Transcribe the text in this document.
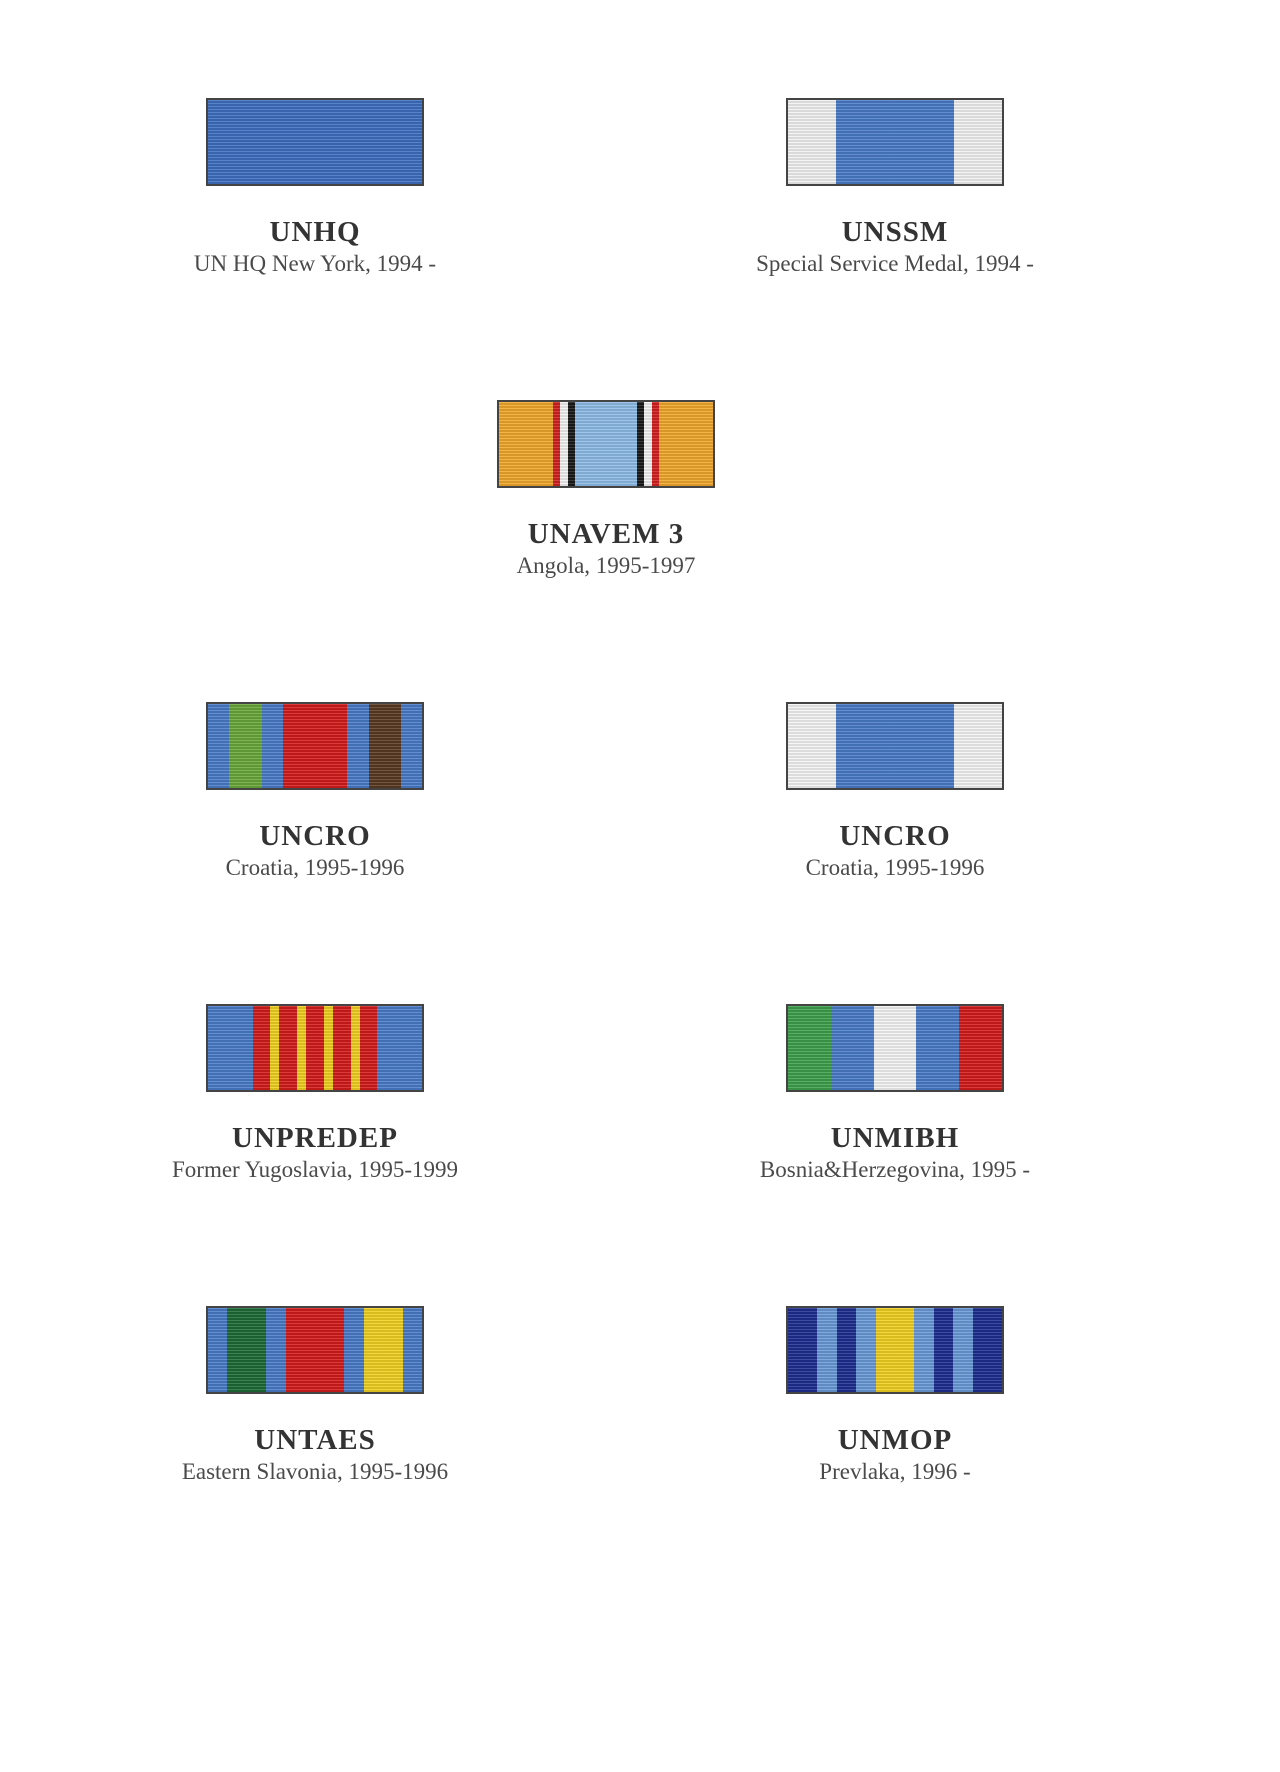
UNHQ
UN HQ New York, 1994 -
UNSSM
Special Service Medal, 1994 -
UNAVEM 3
Angola, 1995-1997
UNCRO
Croatia, 1995-1996
UNCRO
Croatia, 1995-1996
UNPREDEP
Former Yugoslavia, 1995-1999
UNMIBH
Bosnia&Herzegovina, 1995 -
UNTAES
Eastern Slavonia, 1995-1996
UNMOP
Prevlaka, 1996 -
